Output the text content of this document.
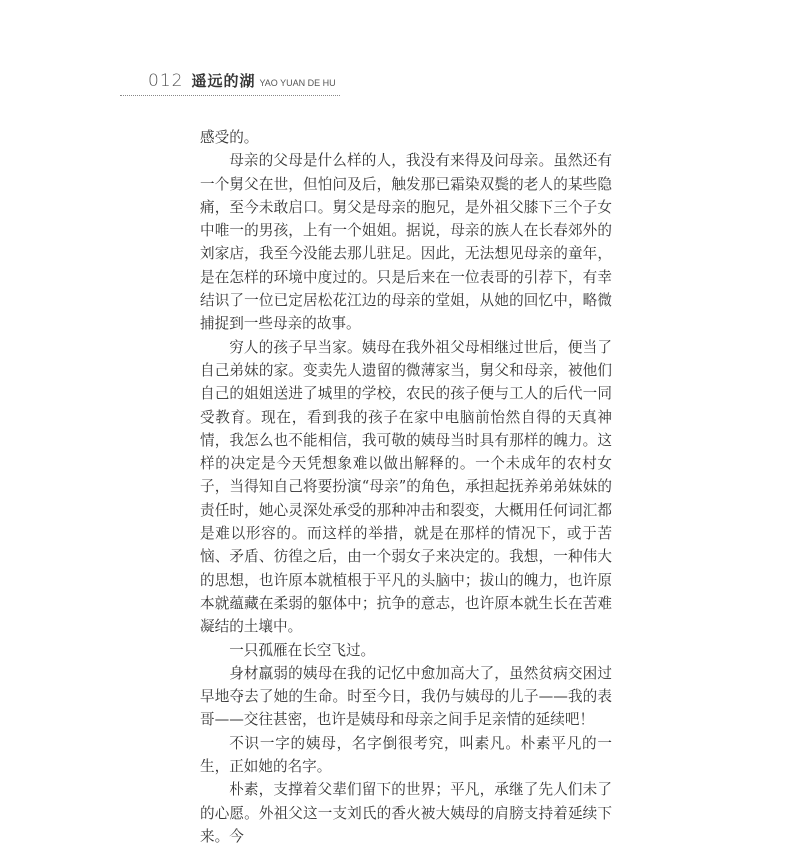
012 遥远的湖 YAO YUAN DE HU

感受的。

母亲的父母是什么样的人，我没有来得及问母亲。虽然还有一个舅父在世，但怕问及后，触发那已霜染双鬓的老人的某些隐痛，至今未敢启口。舅父是母亲的胞兄，是外祖父膝下三个子女中唯一的男孩，上有一个姐姐。据说，母亲的族人在长春郊外的刘家店，我至今没能去那儿驻足。因此，无法想见母亲的童年，是在怎样的环境中度过的。只是后来在一位表哥的引荐下，有幸结识了一位已定居松花江边的母亲的堂姐，从她的回忆中，略微捕捉到一些母亲的故事。

穷人的孩子早当家。姨母在我外祖父母相继过世后，便当了自己弟妹的家。变卖先人遗留的微薄家当，舅父和母亲，被他们自己的姐姐送进了城里的学校，农民的孩子便与工人的后代一同受教育。现在，看到我的孩子在家中电脑前怡然自得的天真神情，我怎么也不能相信，我可敬的姨母当时具有那样的魄力。这样的决定是今天凭想象难以做出解释的。一个未成年的农村女子，当得知自己将要扮演“母亲”的角色，承担起抚养弟弟妹妹的责任时，她心灵深处承受的那种冲击和裂变，大概用任何词汇都是难以形容的。而这样的举措，就是在那样的情况下，或于苦恼、矛盾、彷徨之后，由一个弱女子来决定的。我想，一种伟大的思想，也许原本就植根于平凡的头脑中；拔山的魄力，也许原本就蕴藏在柔弱的躯体中；抗争的意志，也许原本就生长在苦难凝结的土壤中。

一只孤雁在长空飞过。

身材羸弱的姨母在我的记忆中愈加高大了，虽然贫病交困过早地夺去了她的生命。时至今日，我仍与姨母的儿子——我的表哥——交往甚密，也许是姨母和母亲之间手足亲情的延续吧！

不识一字的姨母，名字倒很考究，叫素凡。朴素平凡的一生，正如她的名字。

朴素，支撑着父辈们留下的世界；平凡，承继了先人们未了的心愿。外祖父这一支刘氏的香火被大姨母的肩膀支持着延续下来。今
